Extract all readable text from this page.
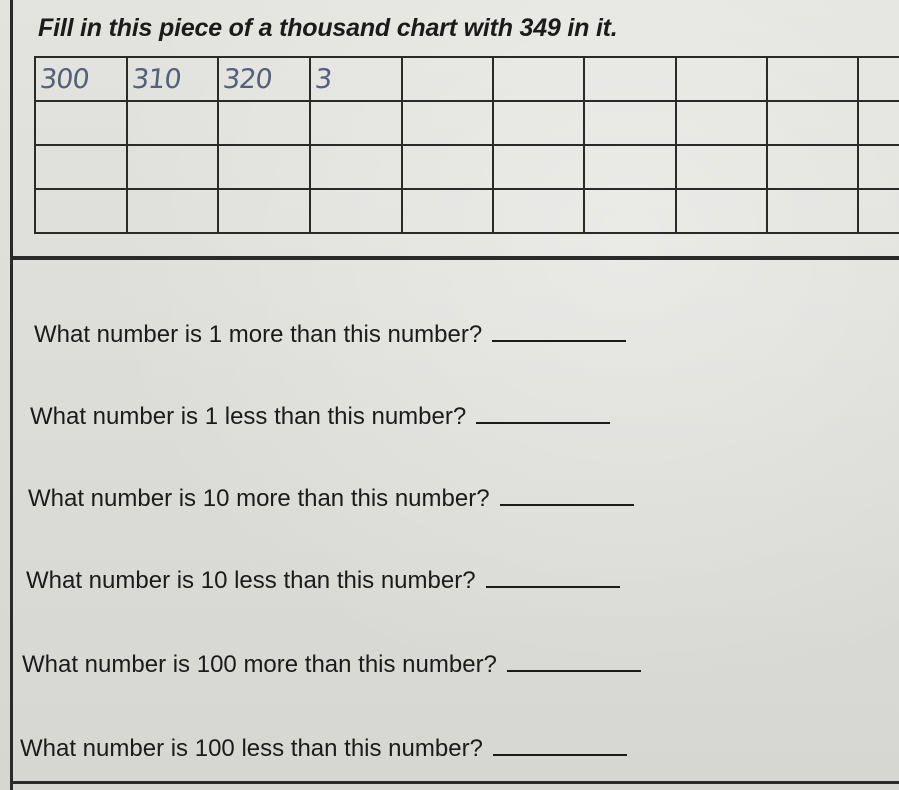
Fill in this piece of a thousand chart with 349 in it.
300	310	320	3						

What number is 1 more than this number?
What number is 1 less than this number?
What number is 10 more than this number?
What number is 10 less than this number?
What number is 100 more than this number?
What number is 100 less than this number?
